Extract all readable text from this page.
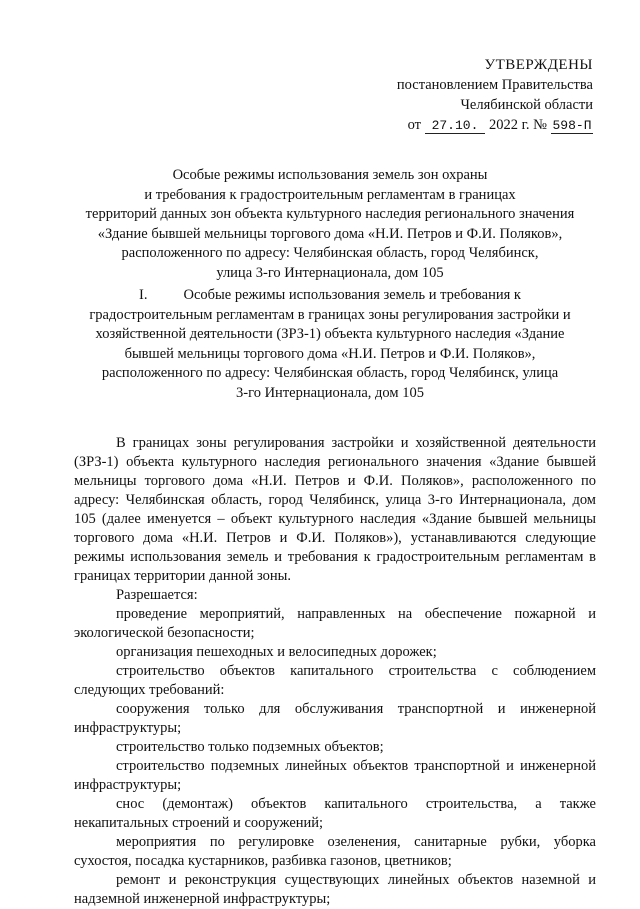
УТВЕРЖДЕНЫ
постановлением Правительства
Челябинской области
от 27.10. 2022 г. № 598-П

Особые режимы использования земель зон охраны

и требования к градостроительным регламентам в границах

территорий данных зон объекта культурного наследия регионального значения

«Здание бывшей мельницы торгового дома «Н.И. Петров и Ф.И. Поляков»,

расположенного по адресу: Челябинская область, город Челябинск,

улица 3-го Интернационала, дом 105

I. Особые режимы использования земель и требования к

градостроительным регламентам в границах зоны регулирования застройки и

хозяйственной деятельности (ЗРЗ-1) объекта культурного наследия «Здание

бывшей мельницы торгового дома «Н.И. Петров и Ф.И. Поляков»,

расположенного по адресу: Челябинская область, город Челябинск, улица

3-го Интернационала, дом 105

В границах зоны регулирования застройки и хозяйственной деятельности (ЗРЗ-1) объекта культурного наследия регионального значения «Здание бывшей мельницы торгового дома «Н.И. Петров и Ф.И. Поляков», расположенного по адресу: Челябинская область, город Челябинск, улица 3-го Интернационала, дом 105 (далее именуется – объект культурного наследия «Здание бывшей мельницы торгового дома «Н.И. Петров и Ф.И. Поляков»), устанавливаются следующие режимы использования земель и требования к градостроительным регламентам в границах территории данной зоны.

Разрешается:

проведение мероприятий, направленных на обеспечение пожарной и экологической безопасности;

организация пешеходных и велосипедных дорожек;

строительство объектов капитального строительства с соблюдением следующих требований:

сооружения только для обслуживания транспортной и инженерной инфраструктуры;

строительство только подземных объектов;

строительство подземных линейных объектов транспортной и инженерной инфраструктуры;

снос (демонтаж) объектов капитального строительства, а также некапитальных строений и сооружений;

мероприятия по регулировке озеленения, санитарные рубки, уборка сухостоя, посадка кустарников, разбивка газонов, цветников;

ремонт и реконструкция существующих линейных объектов наземной и надземной инженерной инфраструктуры;
